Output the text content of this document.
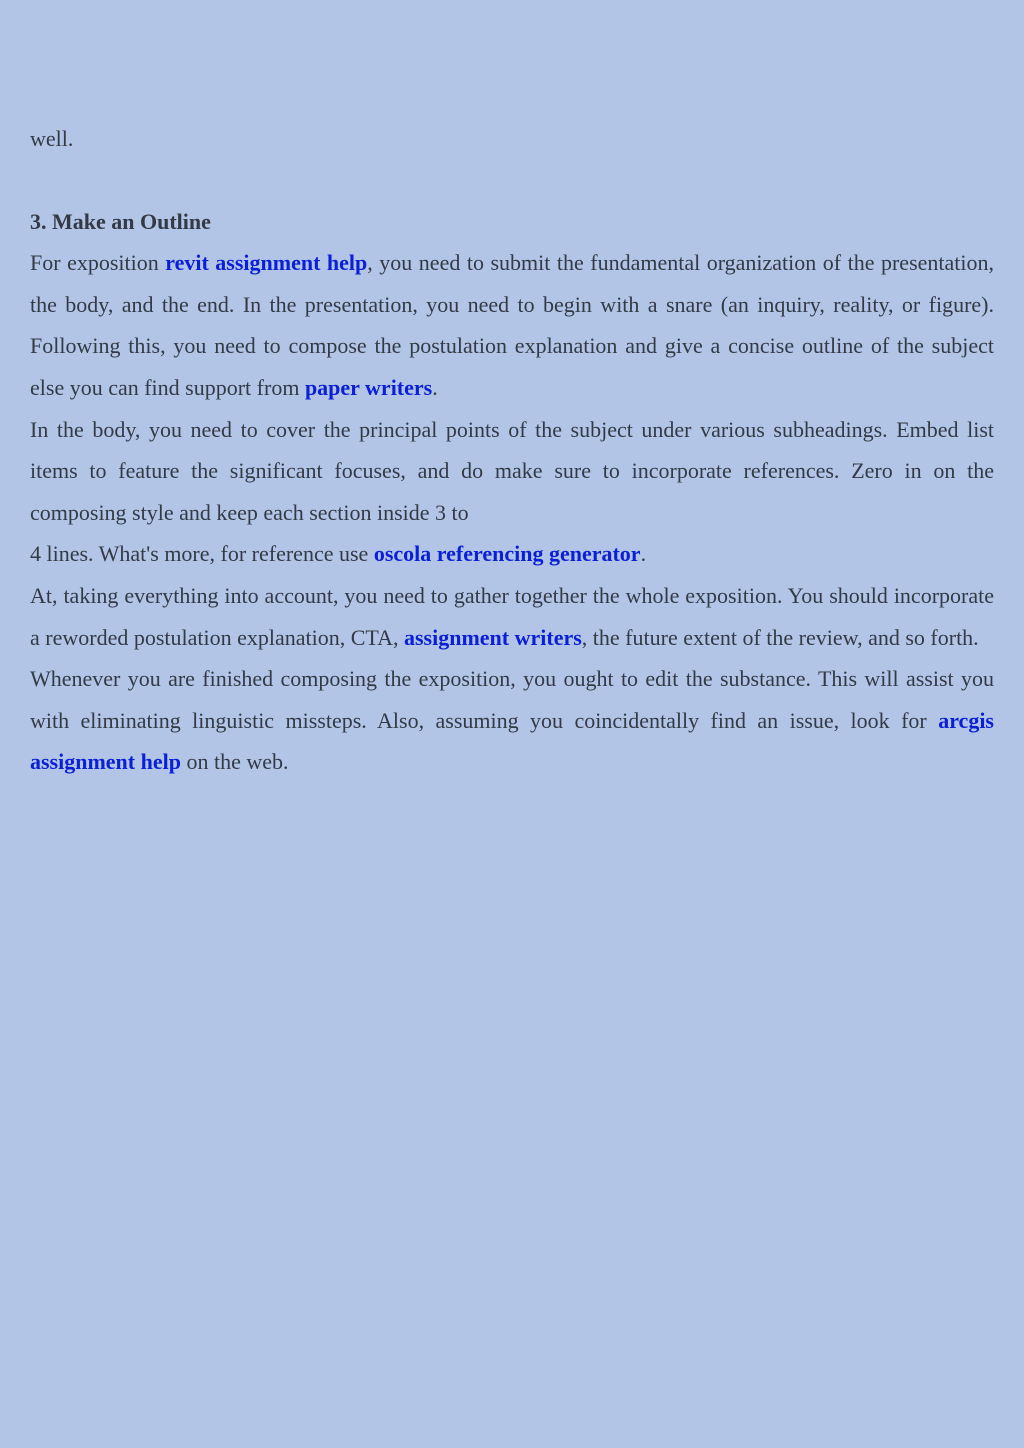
well.

3. Make an Outline

For exposition revit assignment help, you need to submit the fundamental organization of the presentation, the body, and the end. In the presentation, you need to begin with a snare (an inquiry, reality, or figure). Following this, you need to compose the postulation explanation and give a concise outline of the subject else you can find support from paper writers.

In the body, you need to cover the principal points of the subject under various subheadings. Embed list items to feature the significant focuses, and do make sure to incorporate references. Zero in on the composing style and keep each section inside 3 to

4 lines. What's more, for reference use oscola referencing generator.

At, taking everything into account, you need to gather together the whole exposition. You should incorporate a reworded postulation explanation, CTA, assignment writers, the future extent of the review, and so forth.

Whenever you are finished composing the exposition, you ought to edit the substance. This will assist you with eliminating linguistic missteps. Also, assuming you coincidentally find an issue, look for arcgis assignment help on the web.
